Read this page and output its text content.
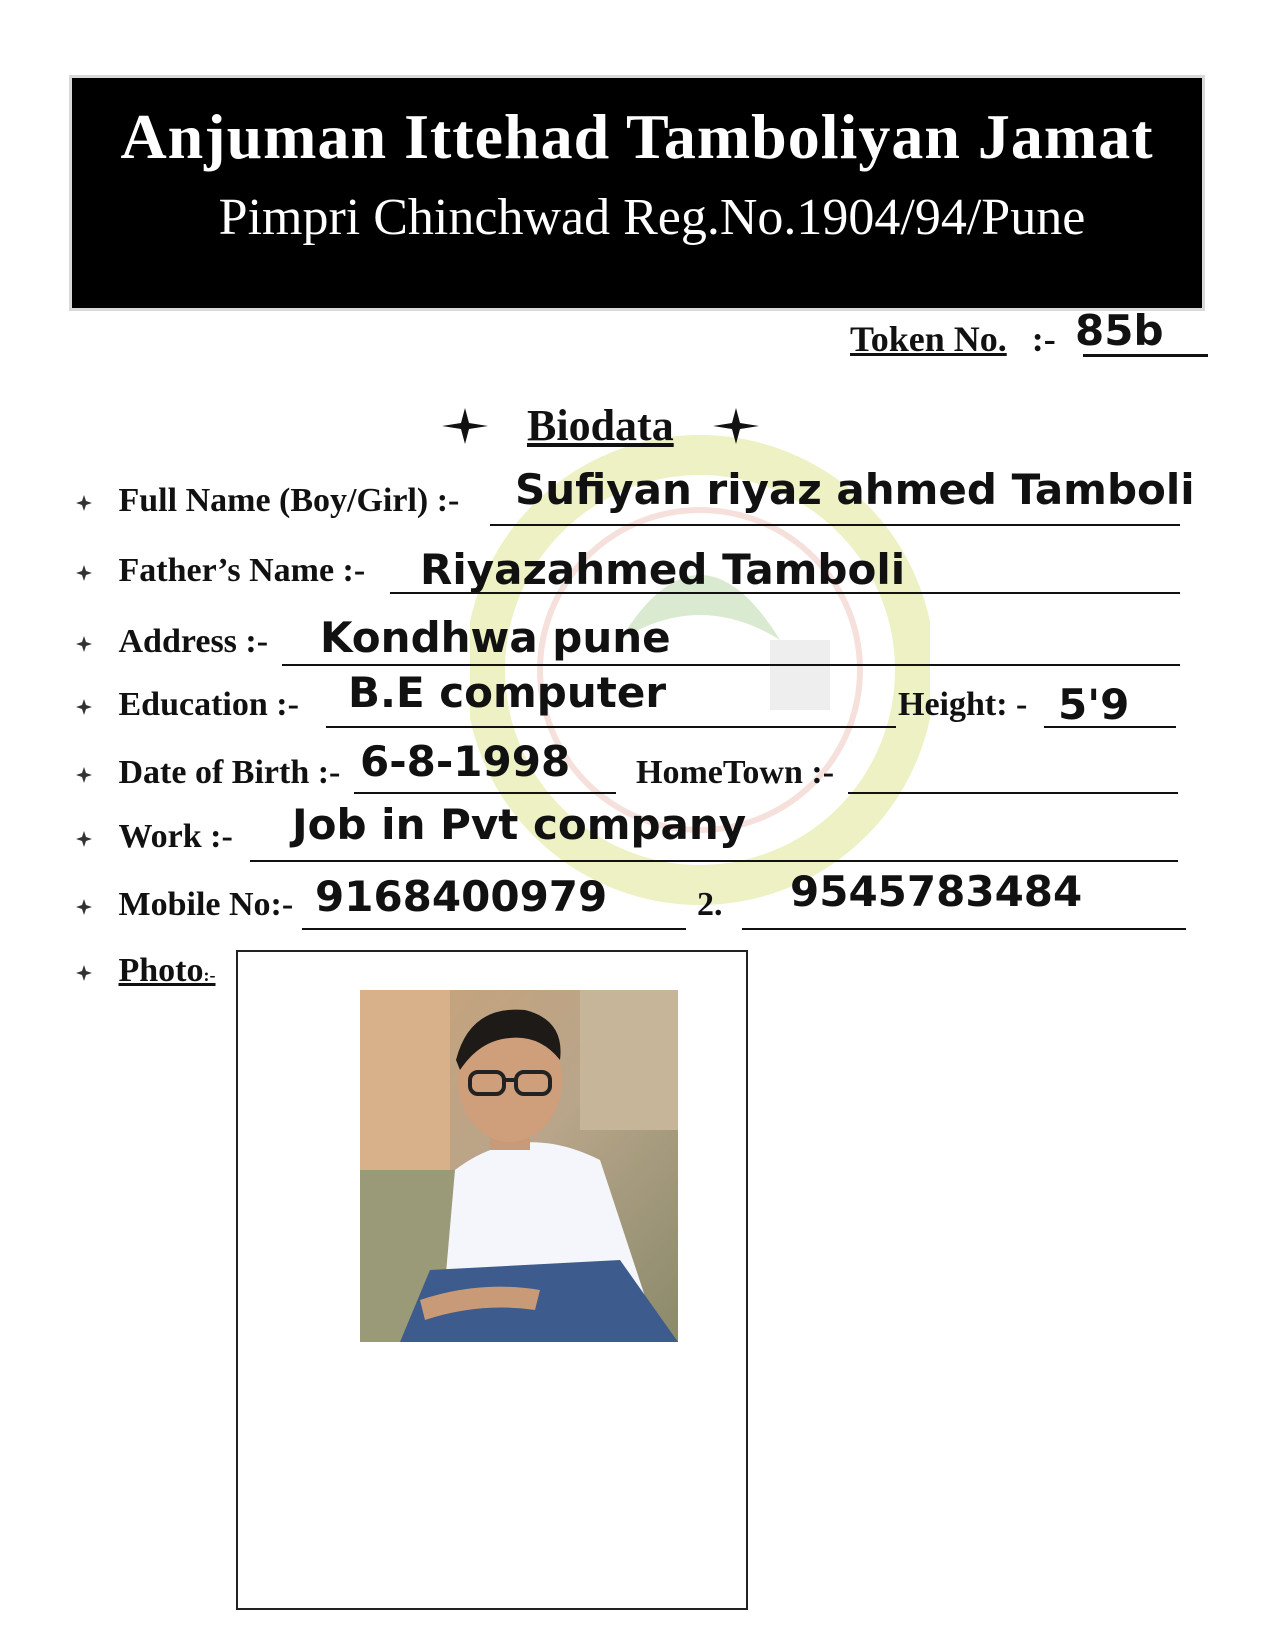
Anjuman Ittehad Tamboliyan Jamat
Pimpri Chinchwad Reg.No.1904/94/Pune
Token No. :- 85b
Biodata
Full Name (Boy/Girl) :- Sufiyan riyaz ahmed Tamboli
Father’s Name :- Riyazahmed Tamboli
Address :- Kondhwa pune
Education :- B.E computer	Height: - 5'9
Date of Birth :- 6-8-1998 HomeTown :-
Work :- Job in Pvt company
Mobile No:- 9168400979	2. 9545783484
Photo:-
